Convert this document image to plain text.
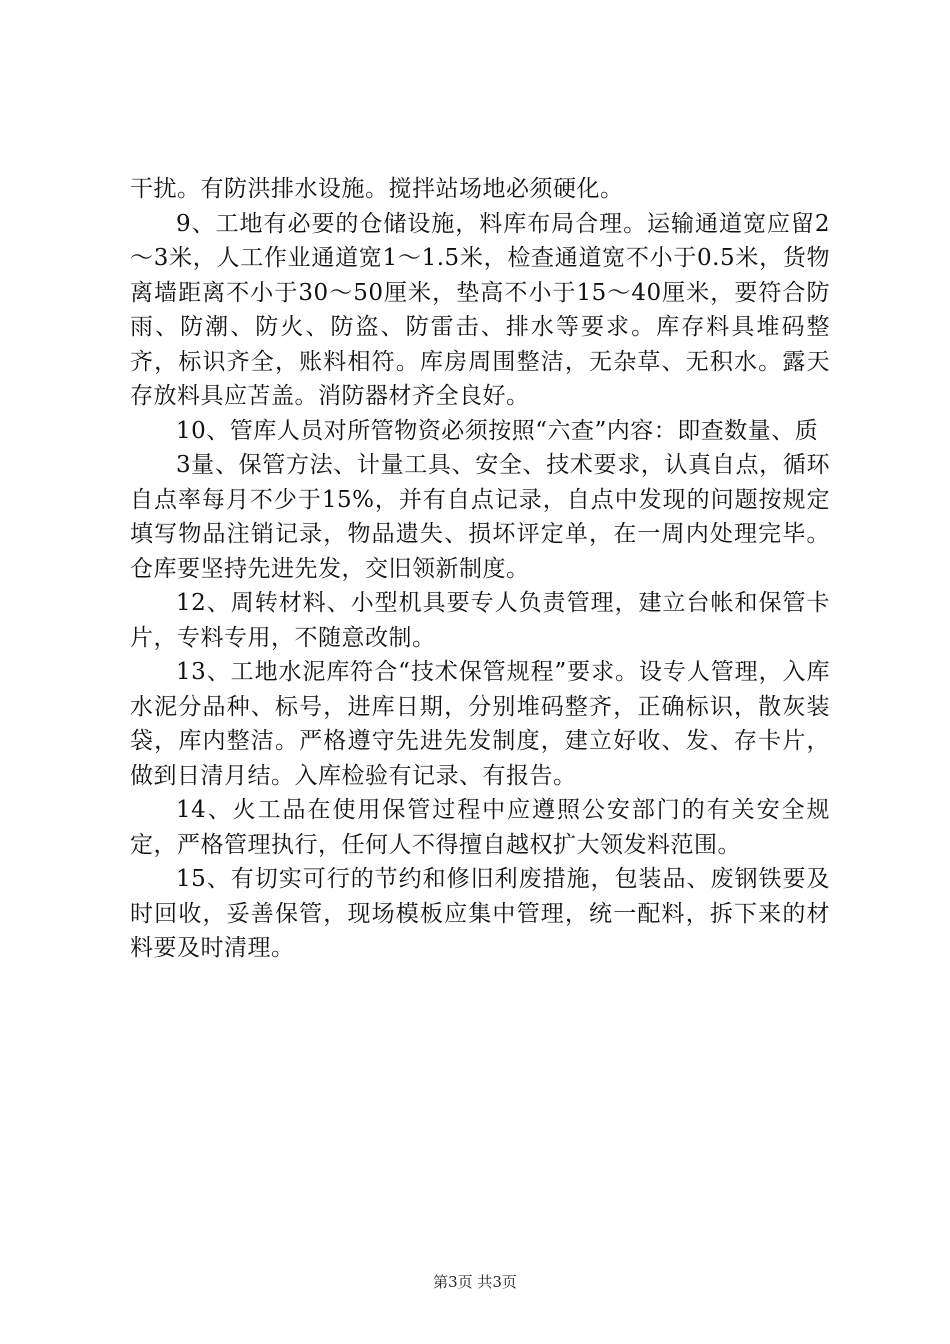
干扰。有防洪排水设施。搅拌站场地必须硬化。

9、工地有必要的仓储设施，料库布局合理。运输通道宽应留2～3米，人工作业通道宽1～1.5米，检查通道宽不小于0.5米，货物离墙距离不小于30～50厘米，垫高不小于15～40厘米，要符合防雨、防潮、防火、防盗、防雷击、排水等要求。库存料具堆码整齐，标识齐全，账料相符。库房周围整洁，无杂草、无积水。露天存放料具应苫盖。消防器材齐全良好。

10、管库人员对所管物资必须按照“六查”内容：即查数量、质

3量、保管方法、计量工具、安全、技术要求，认真自点，循环自点率每月不少于15%，并有自点记录，自点中发现的问题按规定填写物品注销记录，物品遗失、损坏评定单，在一周内处理完毕。仓库要坚持先进先发，交旧领新制度。

12、周转材料、小型机具要专人负责管理，建立台帐和保管卡片，专料专用，不随意改制。

13、工地水泥库符合“技术保管规程”要求。设专人管理，入库水泥分品种、标号，进库日期，分别堆码整齐，正确标识，散灰装袋，库内整洁。严格遵守先进先发制度，建立好收、发、存卡片，做到日清月结。入库检验有记录、有报告。

14、火工品在使用保管过程中应遵照公安部门的有关安全规定，严格管理执行，任何人不得擅自越权扩大领发料范围。

15、有切实可行的节约和修旧利废措施，包装品、废钢铁要及时回收，妥善保管，现场模板应集中管理，统一配料，拆下来的材料要及时清理。

第3页 共3页
